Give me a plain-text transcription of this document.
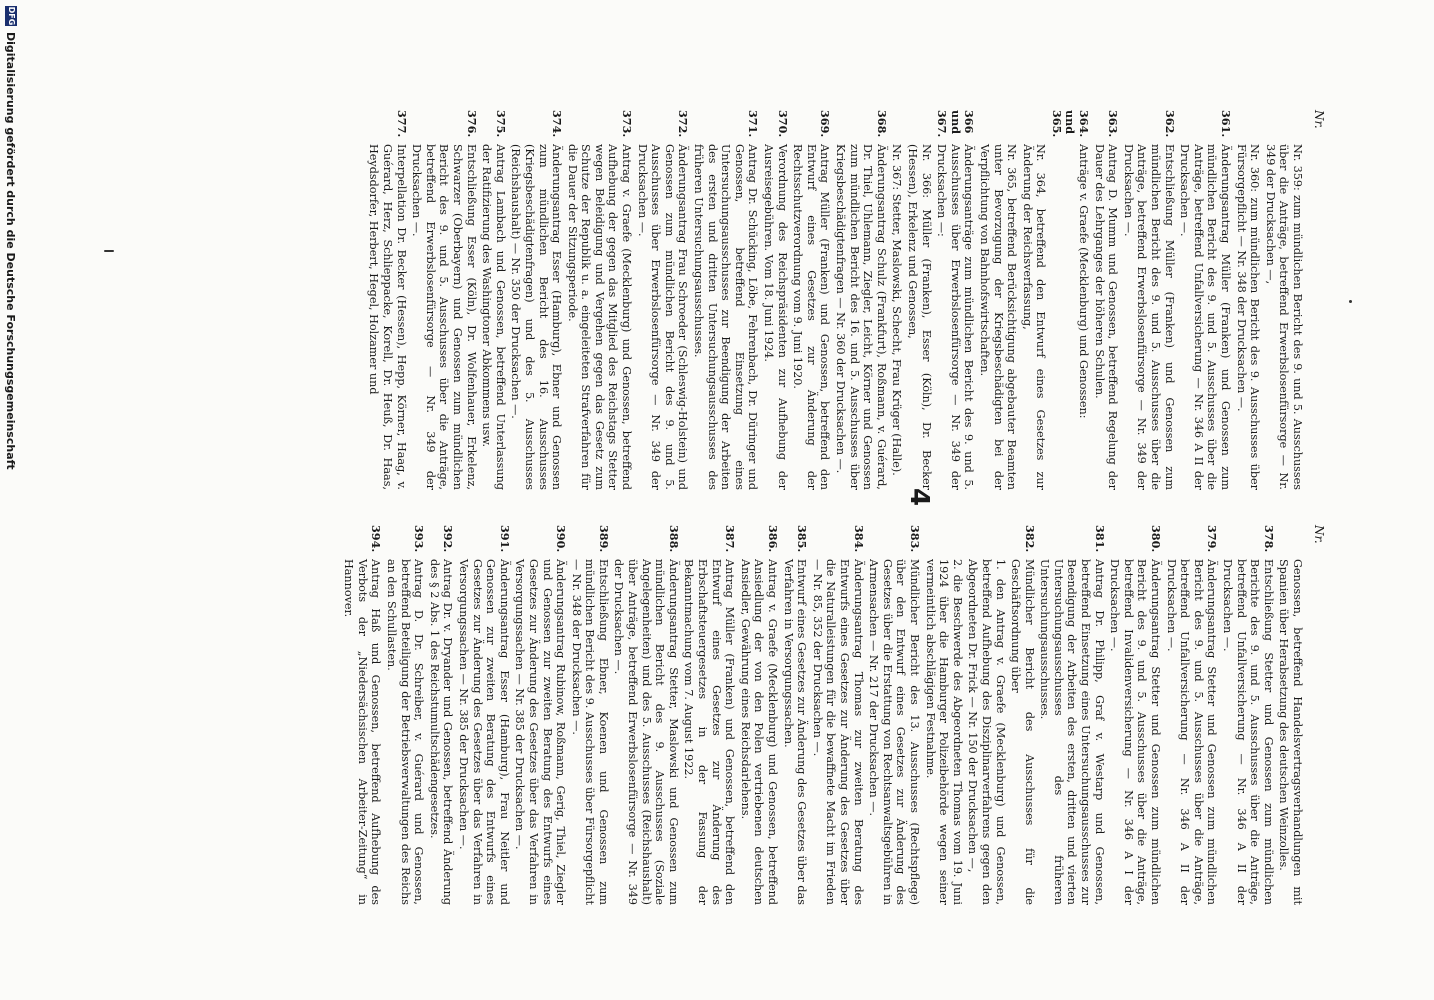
Nr.
Nr.
4
Nr. 359: zum mündlichen Bericht des 9. und 5. Ausschusses über die Anträge, betreffend Erwerbslosenfürsorge — Nr. 349 der Drucksachen —,
Nr. 360: zum mündlichen Bericht des 9. Ausschusses über Fürsorgepflicht — Nr. 348 der Drucksachen —.
361.
Änderungsantrag Müller (Franken) und Genossen zum mündlichen Bericht des 9. und 5. Ausschusses über die Anträge, betreffend Unfallversicherung — Nr. 346 A II der Drucksachen —.
362.
Entschließung Müller (Franken) und Genossen zum mündlichen Bericht des 9. und 5. Ausschusses über die Anträge, betreffend Erwerbslosenfürsorge — Nr. 349 der Drucksachen —.
363.
Antrag D. Mumm und Genossen, betreffend Regelung der Dauer des Lehrganges der höheren Schulen.
364. und 365.
Anträge v. Graefe (Mecklenburg) und Genossen:
Nr. 364, betreffend den Entwurf eines Gesetzes zur Änderung der Reichsverfassung,
Nr. 365, betreffend Berücksichtigung abgebauter Beamten unter Bevorzugung der Kriegsbeschädigten bei der Verpflichtung von Bahnhofswirtschaften.
366 und 367.
Änderungsanträge zum mündlichen Bericht des 9. und 5. Ausschusses über Erwerbslosenfürsorge — Nr. 349 der Drucksachen —:
Nr. 366: Müller (Franken), Esser (Köln), Dr. Becker (Hessen), Erkelenz und Genossen,
Nr. 367: Stetter, Maslowski, Schecht, Frau Krüger (Halle).
368.
Änderungsantrag Schulz (Frankfurt), Roßmann, v. Guérard, Dr. Thiel, Uhlemann, Ziegler, Leicht, Körner und Genossen zum mündlichen Bericht des 16. und 5. Ausschusses über Kriegsbeschädigtenfragen — Nr. 360 der Drucksachen —.
369.
Antrag Müller (Franken) und Genossen, betreffend den Entwurf eines Gesetzes zur Änderung der Rechtsschutzverordnung vom 9. Juni 1920.
370.
Verordnung des Reichspräsidenten zur Aufhebung der Ausreisegebühren. Vom 18. Juni 1924.
371.
Antrag Dr. Schücking, Löbe, Fehrenbach, Dr. Düringer und Genossen, betreffend Einsetzung eines Untersuchungsausschusses zur Beendigung der Arbeiten des ersten und dritten Untersuchungsausschusses des früheren Untersuchungsausschusses.
372.
Änderungsantrag Frau Schroeder (Schleswig-Holstein) und Genossen zum mündlichen Bericht des 9. und 5. Ausschusses über Erwerbslosenfürsorge — Nr. 349 der Drucksachen —.
373.
Antrag v. Graefe (Mecklenburg) und Genossen, betreffend Aufhebung der gegen das Mitglied des Reichstags Stetter wegen Beleidigung und Vergehen gegen das Gesetz zum Schutze der Republik u. a. eingeleiteten Strafverfahren für die Dauer der Sitzungsperiode.
374.
Änderungsantrag Esser (Hamburg), Ebner und Genossen zum mündlichen Bericht des 16. Ausschusses (Kriegsbeschädigtenfragen) und des 5. Ausschusses (Reichshaushalt) — Nr. 350 der Drucksachen —.
375.
Antrag Lambach und Genossen, betreffend Unterlassung der Ratifizierung des Washingtoner Abkommens usw.
376.
Entschließung Esser (Köln), Dr. Wolfenhauer, Erkelenz, Schwarzer (Oberbayern) und Genossen zum mündlichen Bericht des 9. und 5. Ausschusses über die Anträge, betreffend Erwerbslosenfürsorge — Nr. 349 der Drucksachen —.
377.
Interpellation Dr. Becker (Hessen), Hepp, Körner, Haag, v. Guérard, Herz, Schlieppacke, Korell, Dr. Heuß, Dr. Haas, Heydsdorfer, Herbert, Hegel, Holzamer und
Genossen, betreffend Handelsvertragsverhandlungen mit Spanien über Herabsetzung des deutschen Weinzolles.
378.
Entschließung Stetter und Genossen zum mündlichen Berichte des 9. und 5. Ausschusses über die Anträge, betreffend Unfallversicherung — Nr. 346 A II der Drucksachen —.
379.
Änderungsantrag Stetter und Genossen zum mündlichen Bericht des 9. und 5. Ausschusses über die Anträge, betreffend Unfallversicherung — Nr. 346 A II der Drucksachen —.
380.
Änderungsantrag Stetter und Genossen zum mündlichen Bericht des 9. und 5. Ausschusses über die Anträge, betreffend Invalidenversicherung — Nr. 346 A I der Drucksachen —.
381.
Antrag Dr. Philipp, Graf v. Westarp und Genossen, betreffend Einsetzung eines Untersuchungsausschusses zur Beendigung der Arbeiten des ersten, dritten und vierten Untersuchungsausschusses des früheren Untersuchungsausschusses.
382.
Mündlicher Bericht des Ausschusses für die Geschäftsordnung über
1. den Antrag v. Graefe (Mecklenburg) und Genossen, betreffend Aufhebung des Disziplinarverfahrens gegen den Abgeordneten Dr. Frick — Nr. 150 der Drucksachen —,
2. die Beschwerde des Abgeordneten Thomas vom 19. Juni 1924 über die Hamburger Polizeibehörde wegen seiner vermeintlich abschlägigen Festnahme.
383.
Mündlicher Bericht des 13. Ausschusses (Rechtspflege) über den Entwurf eines Gesetzes zur Änderung des Gesetzes über die Erstattung von Rechtsanwaltsgebühren in Armensachen — Nr. 217 der Drucksachen —.
384.
Änderungsantrag Thomas zur zweiten Beratung des Entwurfs eines Gesetzes zur Änderung des Gesetzes über die Naturalleistungen für die bewaffnete Macht im Frieden — Nr. 85, 352 der Drucksachen —.
385.
Entwurf eines Gesetzes zur Änderung des Gesetzes über das Verfahren in Versorgungssachen.
386.
Antrag v. Graefe (Mecklenburg) und Genossen, betreffend Ansiedlung der von den Polen vertriebenen deutschen Ansiedler, Gewährung eines Reichsdarlehens.
387.
Antrag Müller (Franken) und Genossen, betreffend den Entwurf eines Gesetzes zur Änderung des Erbschaftsteuergesetzes in der Fassung der Bekanntmachung vom 7. August 1922.
388.
Änderungsantrag Stetter, Maslowski und Genossen zum mündlichen Bericht des 9. Ausschusses (Soziale Angelegenheiten) und des 5. Ausschusses (Reichshaushalt) über Anträge, betreffend Erwerbslosenfürsorge — Nr. 349 der Drucksachen —.
389.
Entschließung Ebner, Koenen und Genossen zum mündlichen Bericht des 9. Ausschusses über Fürsorgepflicht — Nr. 348 der Drucksachen —.
390.
Änderungsantrag Rubinow, Roßmann, Gerig, Thiel, Ziegler und Genossen zur zweiten Beratung des Entwurfs eines Gesetzes zur Änderung des Gesetzes über das Verfahren in Versorgungssachen — Nr. 385 der Drucksachen —.
391.
Änderungsantrag Esser (Hamburg), Frau Neitler und Genossen zur zweiten Beratung des Entwurfs eines Gesetzes zur Änderung des Gesetzes über das Verfahren in Versorgungssachen — Nr. 385 der Drucksachen —.
392.
Antrag Dr. v. Dryander und Genossen, betreffend Änderung des § 2 Abs. 1 des Reichstumultschädengesetzes.
393.
Antrag D. Dr. Schreiber, v. Guérard und Genossen, betreffend Beteiligung der Betriebsverwaltungen des Reichs an den Schullasten.
394.
Antrag Haß und Genossen, betreffend Aufhebung des Verbots der „Niedersächsischen Arbeiter-Zeitung“ in Hannover.
DFG
Digitalisierung gefördert durch die Deutsche Forschungsgemeinschaft
